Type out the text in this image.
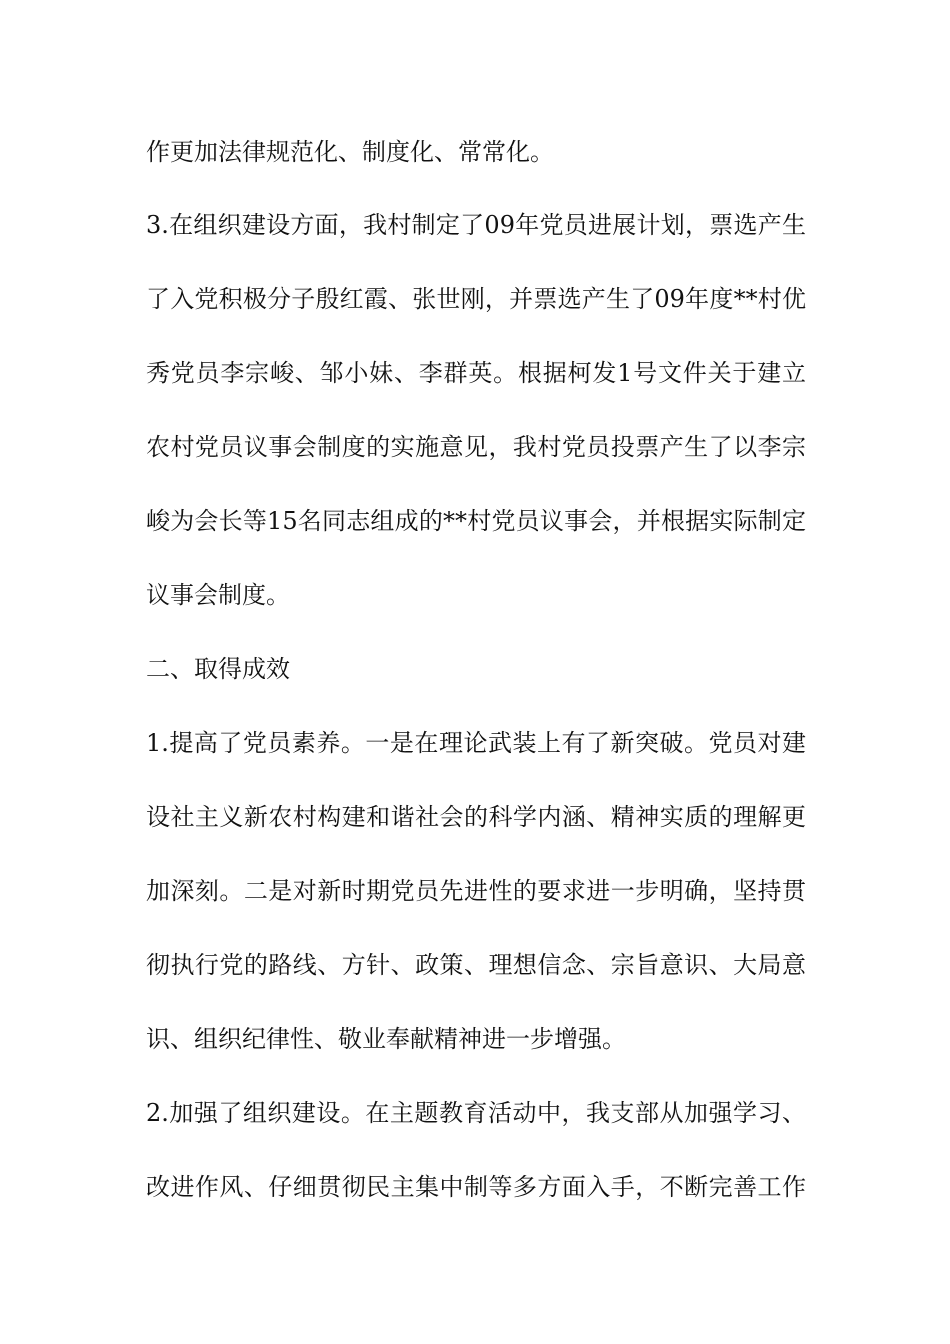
作更加法律规范化、制度化、常常化。
3.在组织建设方面，我村制定了09年党员进展计划，票选产生
了入党积极分子殷红霞、张世刚，并票选产生了09年度**村优
秀党员李宗峻、邹小妹、李群英。根据柯发1号文件关于建立
农村党员议事会制度的实施意见，我村党员投票产生了以李宗
峻为会长等15名同志组成的**村党员议事会，并根据实际制定
议事会制度。
二、取得成效
1.提高了党员素养。一是在理论武装上有了新突破。党员对建
设社主义新农村构建和谐社会的科学内涵、精神实质的理解更
加深刻。二是对新时期党员先进性的要求进一步明确，坚持贯
彻执行党的路线、方针、政策、理想信念、宗旨意识、大局意
识、组织纪律性、敬业奉献精神进一步增强。
2.加强了组织建设。在主题教育活动中，我支部从加强学习、
改进作风、仔细贯彻民主集中制等多方面入手，不断完善工作
